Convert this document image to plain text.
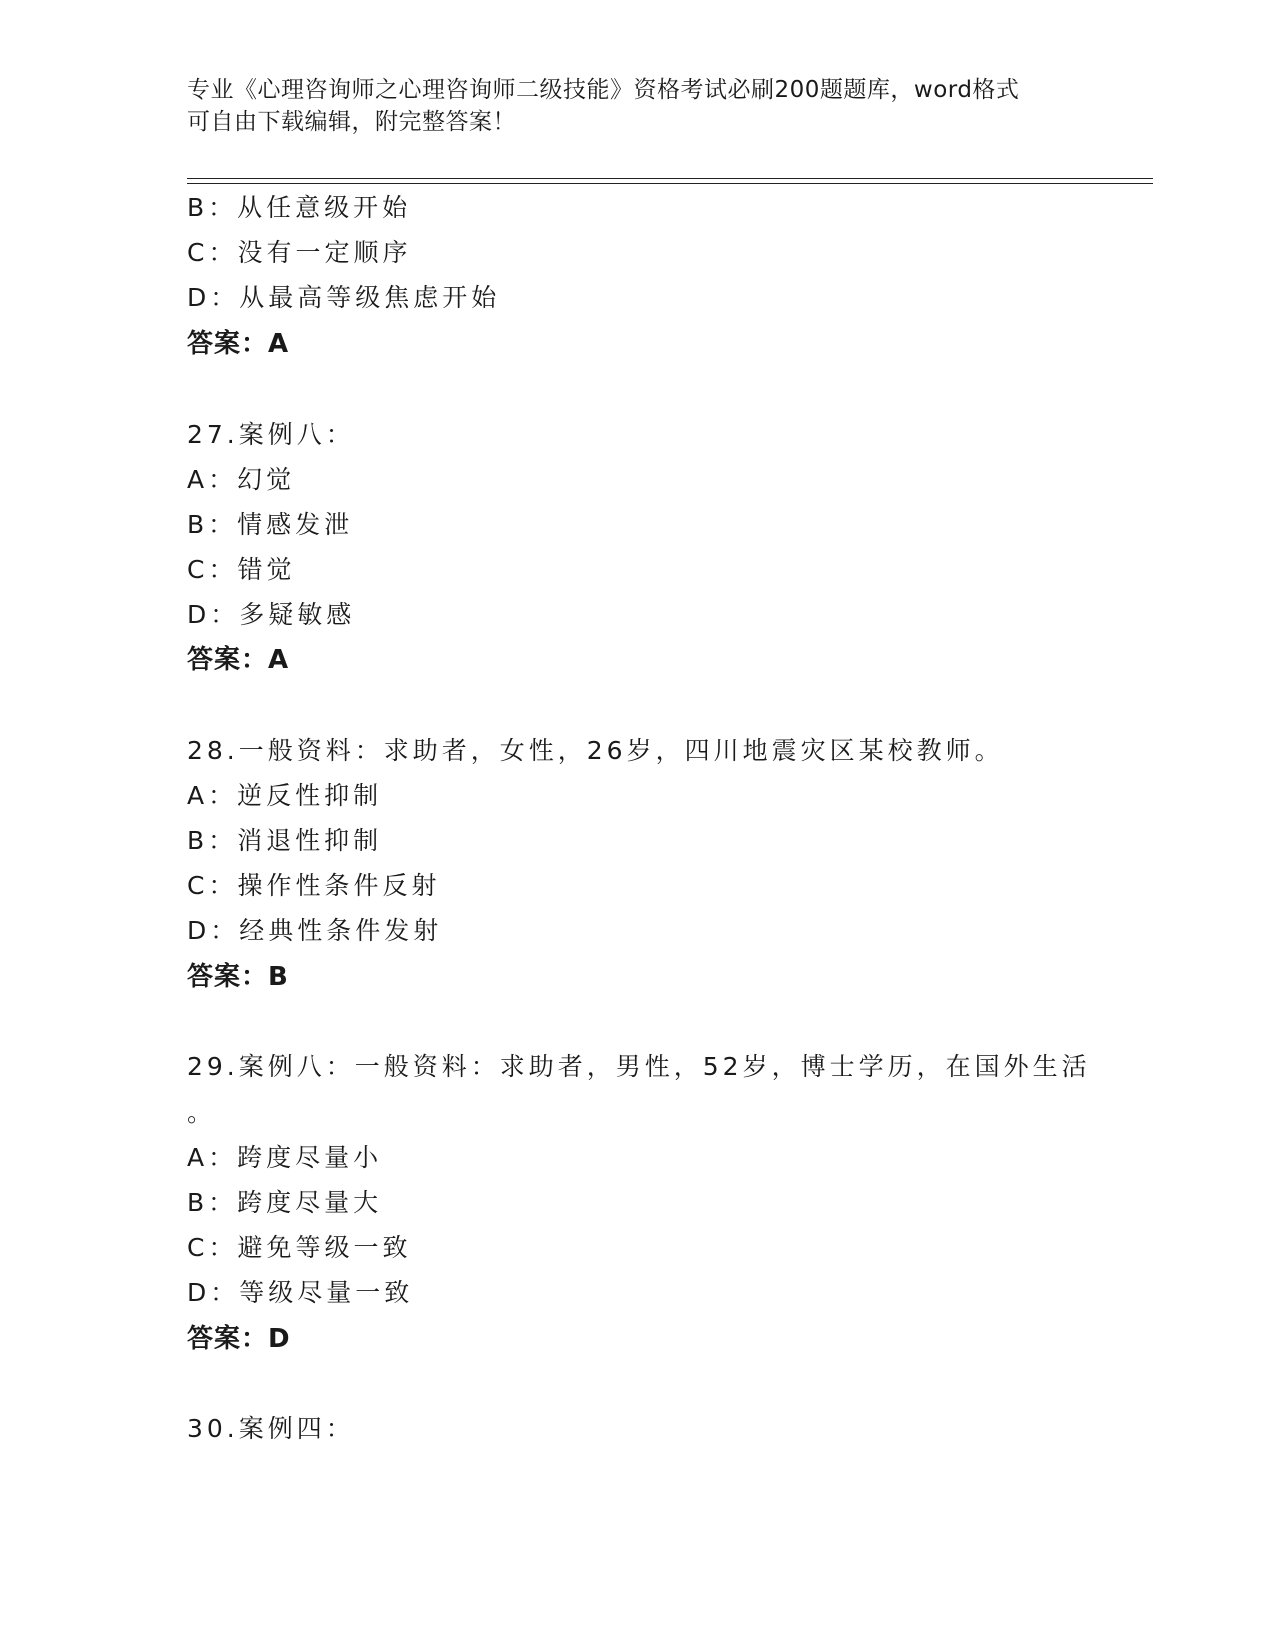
专业《心理咨询师之心理咨询师二级技能》资格考试必刷200题题库，word格式
可自由下载编辑，附完整答案！
B：从任意级开始
C：没有一定顺序
D：从最高等级焦虑开始
答案：A
27.案例八：
A：幻觉
B：情感发泄
C：错觉
D：多疑敏感
答案：A
28.一般资料：求助者，女性，26岁，四川地震灾区某校教师。
A：逆反性抑制
B：消退性抑制
C：操作性条件反射
D：经典性条件发射
答案：B
29.案例八：一般资料：求助者，男性，52岁，博士学历，在国外生活
。
A：跨度尽量小
B：跨度尽量大
C：避免等级一致
D：等级尽量一致
答案：D
30.案例四：
